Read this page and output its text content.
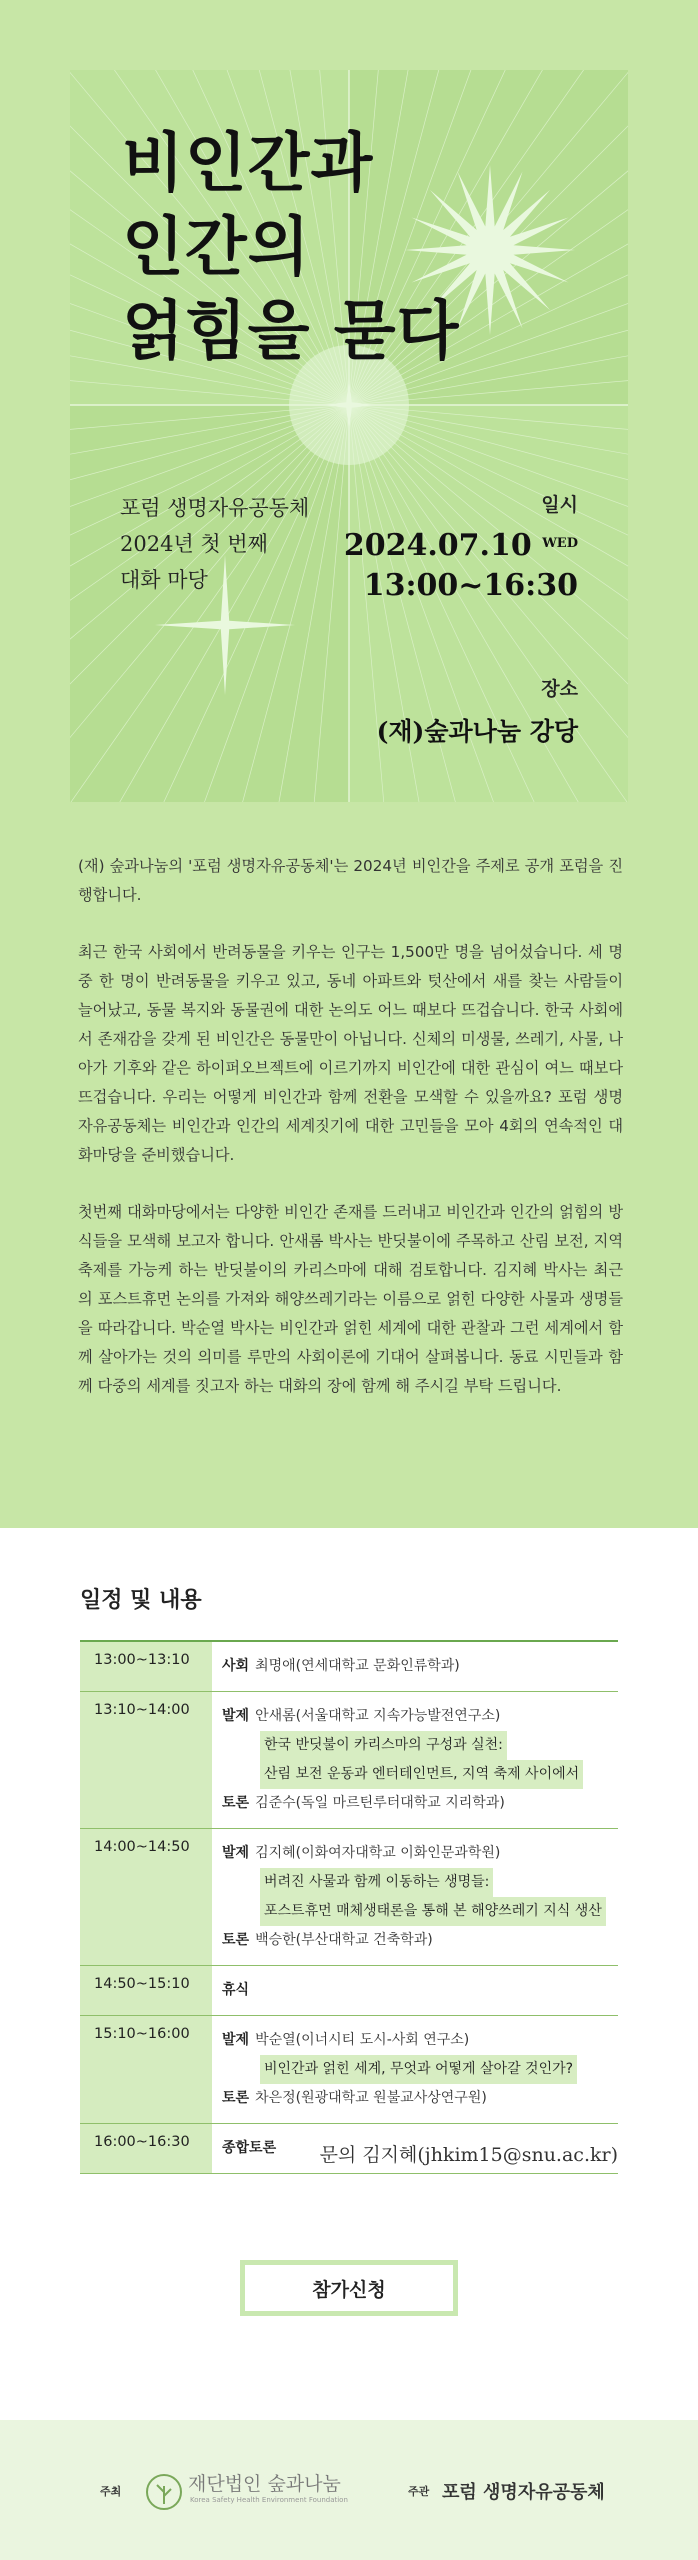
비인간과
인간의
얽힘을 묻다
포럼 생명자유공동체
2024년 첫 번째
대화 마당
일시
2024.07.10 $^{WED}$
13:00~16:30
장소
(재)숲과나눔 강당

(재) 숲과나눔의 '포럼 생명자유공동체'는 2024년 비인간을 주제로 공개 포럼을 진행합니다.

최근 한국 사회에서 반려동물을 키우는 인구는 1,500만 명을 넘어섰습니다. 세 명 중 한 명이 반려동물을 키우고 있고, 동네 아파트와 텃산에서 새를 찾는 사람들이 늘어났고, 동물 복지와 동물권에 대한 논의도 어느 때보다 뜨겁습니다. 한국 사회에서 존재감을 갖게 된 비인간은 동물만이 아닙니다. 신체의 미생물, 쓰레기, 사물, 나아가 기후와 같은 하이퍼오브젝트에 이르기까지 비인간에 대한 관심이 여느 때보다 뜨겁습니다. 우리는 어떻게 비인간과 함께 전환을 모색할 수 있을까요? 포럼 생명자유공동체는 비인간과 인간의 세계짓기에 대한 고민들을 모아 4회의 연속적인 대화마당을 준비했습니다.

첫번째 대화마당에서는 다양한 비인간 존재를 드러내고 비인간과 인간의 얽힘의 방식들을 모색해 보고자 합니다. 안새롬 박사는 반딧불이에 주목하고 산림 보전, 지역 축제를 가능케 하는 반딧불이의 카리스마에 대해 검토합니다. 김지혜 박사는 최근의 포스트휴먼 논의를 가져와 해양쓰레기라는 이름으로 얽힌 다양한 사물과 생명들을 따라갑니다. 박순열 박사는 비인간과 얽힌 세계에 대한 관찰과 그런 세계에서 함께 살아가는 것의 의미를 루만의 사회이론에 기대어 살펴봅니다. 동료 시민들과 함께 다중의 세계를 짓고자 하는 대화의 장에 함께 해 주시길 부탁 드립니다.

일정 및 내용
13:00~13:10	사회 최명애(연세대학교 문화인류학과)

13:10~14:00	발제 안새롬(서울대학교 지속가능발전연구소)
한국 반딧불이 카리스마의 구성과 실천:
산림 보전 운동과 엔터테인먼트, 지역 축제 사이에서
토론 김준수(독일 마르틴루터대학교 지리학과)

14:00~14:50	발제 김지혜(이화여자대학교 이화인문과학원)
버려진 사물과 함께 이동하는 생명들:
포스트휴먼 매체생태론을 통해 본 해양쓰레기 지식 생산
토론 백승한(부산대학교 건축학과)

14:50~15:10	휴식

15:10~16:00	발제 박순열(이너시티 도시-사회 연구소)
비인간과 얽힌 세계, 무엇과 어떻게 살아갈 것인가?
토론 차은정(원광대학교 원불교사상연구원)

16:00~16:30	종합토론	문의 김지혜(jhkim15@snu.ac.kr)
참가신청
주최	재단법인 숲과나눔
Korea Safety Health Environment Foundation
주관 포럼 생명자유공동체
